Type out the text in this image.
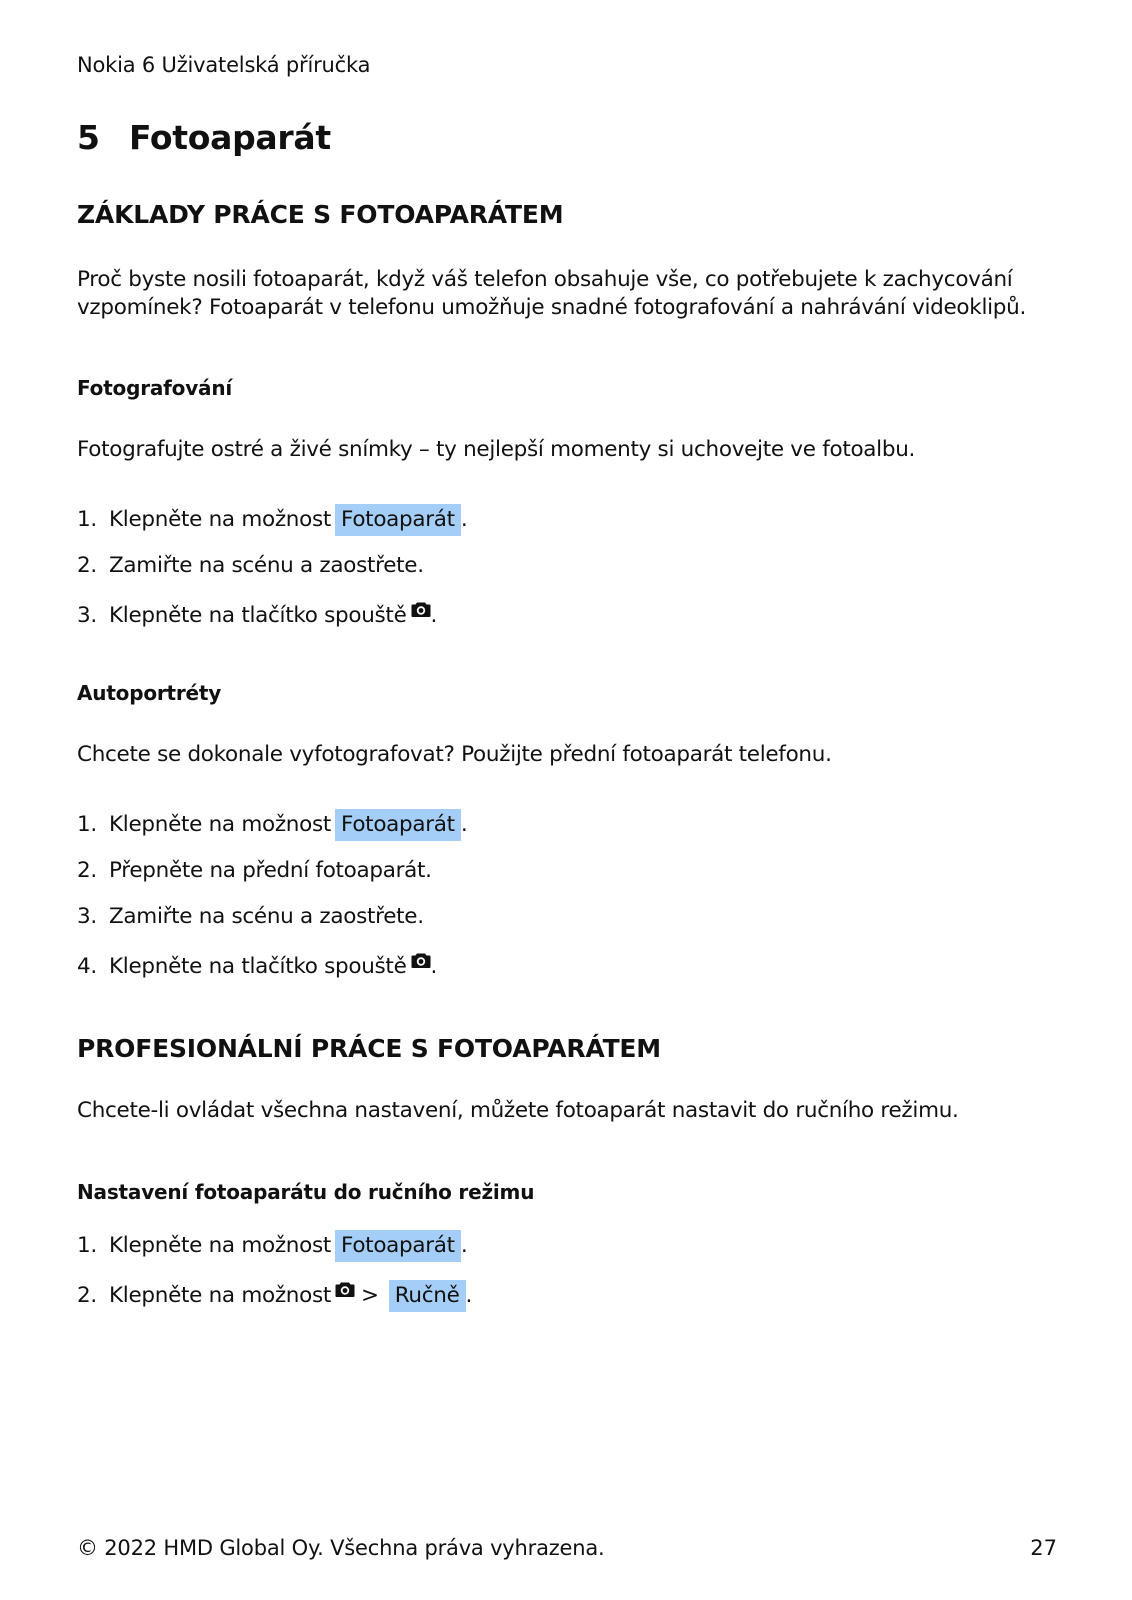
Nokia 6 Uživatelská příručka
5 Fotoaparát
ZÁKLADY PRÁCE S FOTOAPARÁTEM

Proč byste nosili fotoaparát, když váš telefon obsahuje vše, co potřebujete k zachycování vzpomínek? Fotoaparát v telefonu umožňuje snadné fotografování a nahrávání videoklipů.

Fotografování

Fotografujte ostré a živé snímky – ty nejlepší momenty si uchovejte ve fotoalbu.

1. Klepněte na možnost Fotoaparát .
2. Zamiřte na scénu a zaostřete.
3. Klepněte na tlačítko spouště .
Autoportréty

Chcete se dokonale vyfotografovat? Použijte přední fotoaparát telefonu.

1. Klepněte na možnost Fotoaparát .
2. Přepněte na přední fotoaparát.
3. Zamiřte na scénu a zaostřete.
4. Klepněte na tlačítko spouště .
PROFESIONÁLNÍ PRÁCE S FOTOAPARÁTEM

Chcete-li ovládat všechna nastavení, můžete fotoaparát nastavit do ručního režimu.

Nastavení fotoaparátu do ručního režimu
1. Klepněte na možnost Fotoaparát .
2. Klepněte na možnost > Ručně .
© 2022 HMD Global Oy. Všechna práva vyhrazena.	27
